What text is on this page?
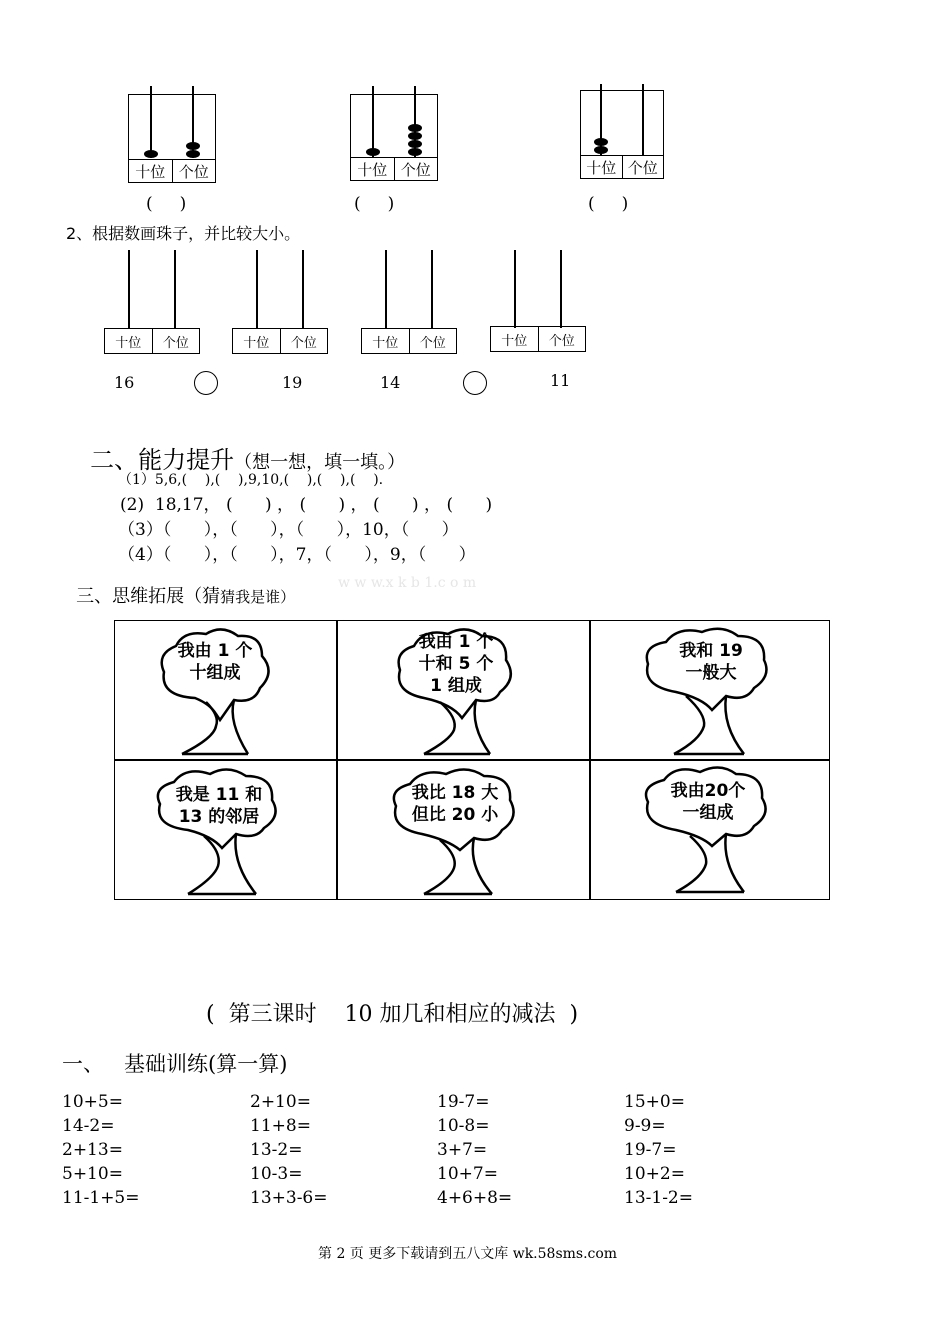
十位 个位
(     )
十位 个位
(     )
十位 个位
(     )
2、根据数画珠子，并比较大小。
十位	个位	十位	个位	十位	个位	十位	个位
16	19	14	11

二、能力提升（想一想，填一填。）

（1）5,6,(    ),(    ),9,10,(    ),(    ),(    ).
(2)  18,17， (      ) ， (      ) ， (      ) ， (      )
（3）（      ），（      ），（      ），10，（      ）
（4）（      ），（      ），7，（      ），9，（      ）

三、思维拓展（猜猜我是谁）

w w w.x k b 1.c o m
我由 1 个
十组成
我由 1 个
十和 5 个
1 组成
我和 19
一般大
我是 11 和
13 的邻居
我比 18 大
但比 20 小
我由20个
一组成
(  第三课时    10 加几和相应的减法  )
一、   基础训练(算一算)
10+5=	2+10=	19-7=	15+0=
14-2=	11+8=	10-8=	9-9=
2+13=	13-2=	3+7=	19-7=
5+10=	10-3=	10+7=	10+2=
11-1+5=	13+3-6=	4+6+8=	13-1-2=
第 2 页 更多下载请到五八文库 wk.58sms.com
